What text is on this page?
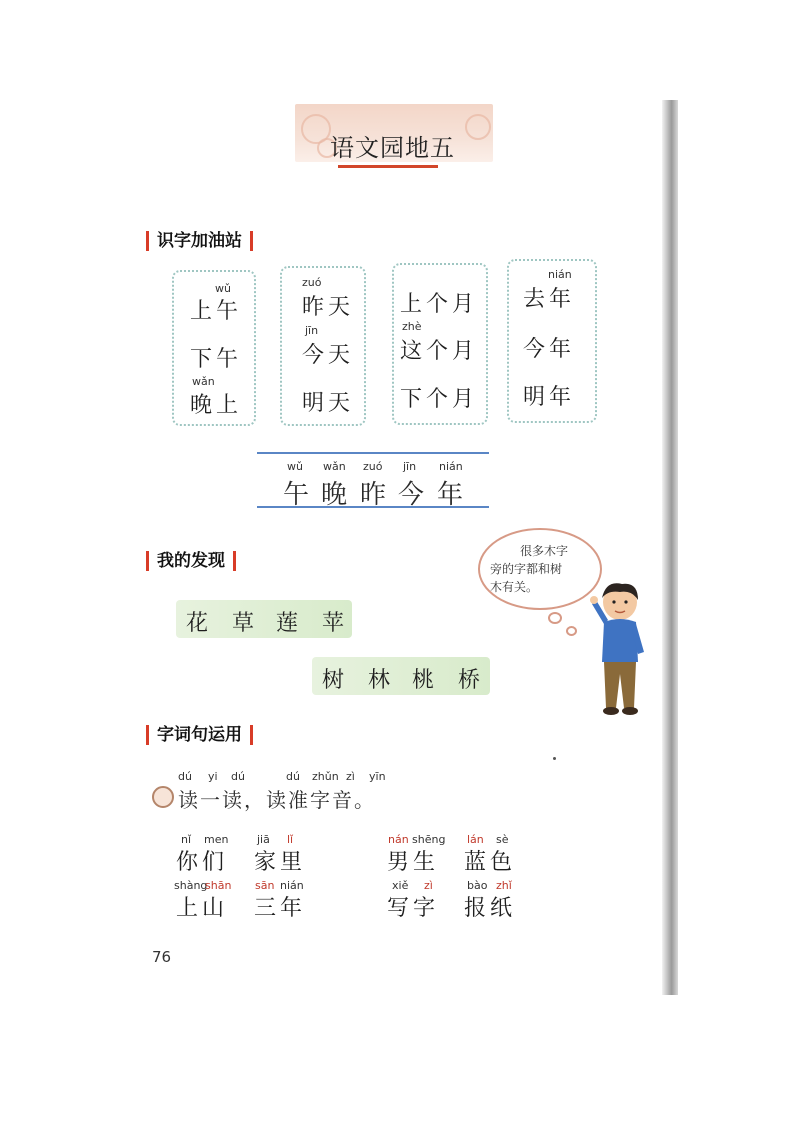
语文园地五
识字加油站
wǔ
上午
下午
wǎn
晚上
zuó
昨天
jīn
今天
明天
上个月
zhè
这个月
下个月
nián
去年
今年
明年
wǔ
午
wǎn
晚
zuó
昨
jīn
今
nián
年
我的发现
花 草 莲 苹
树 林 桃 桥
很多木字
旁的字都和树
木有关。
字词句运用
dú yi dú	dú zhǔn zì yīn
读一读，读准字音。
nǐ men
你们
jiā lǐ
家里
nán shēng
男生
lán sè
蓝色
shàng
shān
上山
sān nián
三年
xiě zì
写字
bào zhǐ
报纸
76
